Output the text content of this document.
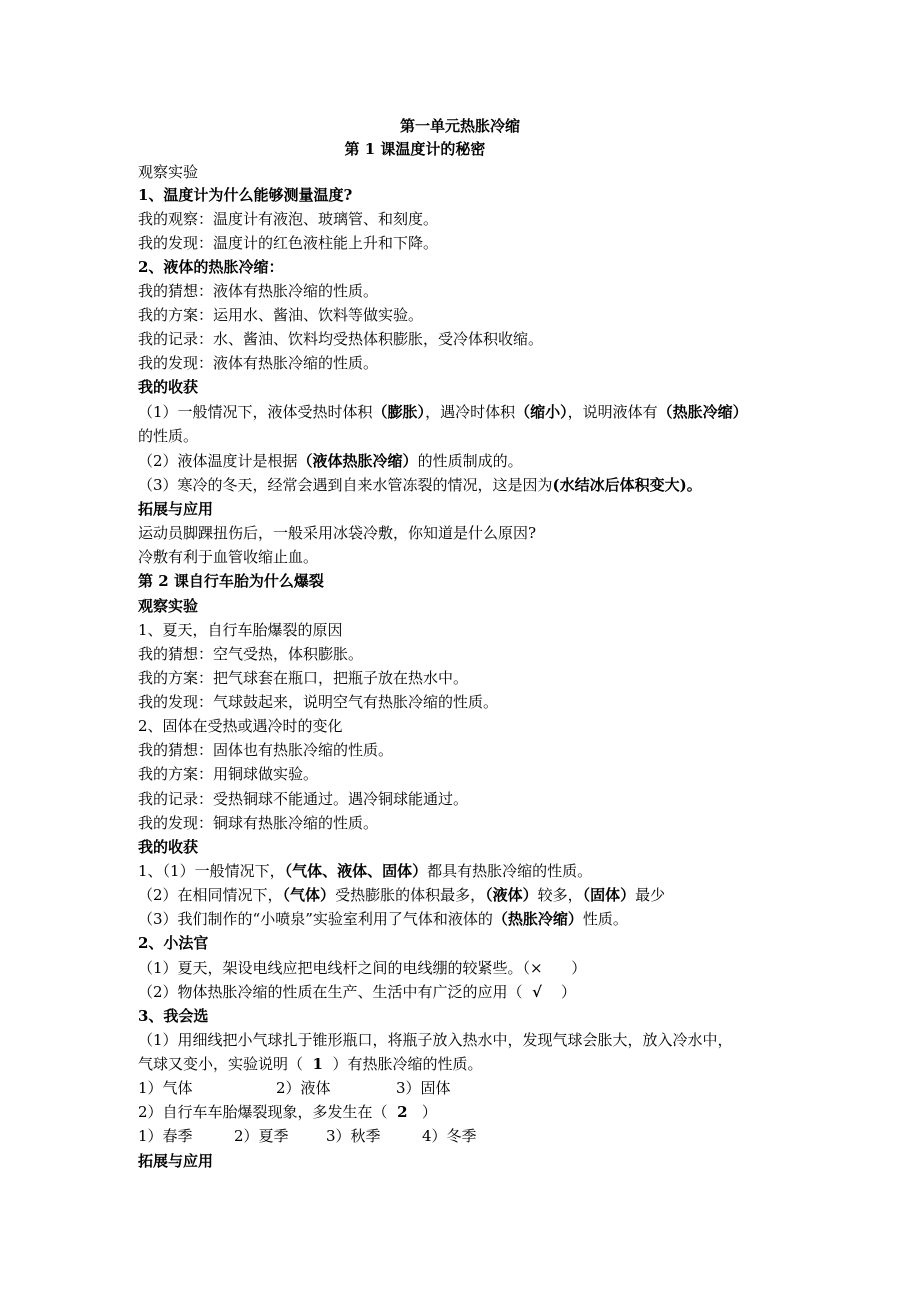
第一单元热胀冷缩
第 1 课温度计的秘密
观察实验
1、温度计为什么能够测量温度?
我的观察：温度计有液泡、玻璃管、和刻度。
我的发现：温度计的红色液柱能上升和下降。
2、液体的热胀冷缩：
我的猜想：液体有热胀冷缩的性质。
我的方案：运用水、酱油、饮料等做实验。
我的记录：水、酱油、饮料均受热体积膨胀，受冷体积收缩。
我的发现：液体有热胀冷缩的性质。
我的收获
（1）一般情况下，液体受热时体积（膨胀），遇冷时体积（缩小），说明液体有（热胀冷缩）
的性质。
（2）液体温度计是根据（液体热胀冷缩）的性质制成的。
（3）寒冷的冬天，经常会遇到自来水管冻裂的情况，这是因为(水结冰后体积变大)。
拓展与应用
运动员脚踝扭伤后，一般采用冰袋冷敷，你知道是什么原因?
冷敷有利于血管收缩止血。
第 2 课自行车胎为什么爆裂
观察实验
1、夏天，自行车胎爆裂的原因
我的猜想：空气受热，体积膨胀。
我的方案：把气球套在瓶口，把瓶子放在热水中。
我的发现：气球鼓起来，说明空气有热胀冷缩的性质。
2、固体在受热或遇冷时的变化
我的猜想：固体也有热胀冷缩的性质。
我的方案：用铜球做实验。
我的记录：受热铜球不能通过。遇冷铜球能通过。
我的发现：铜球有热胀冷缩的性质。
我的收获
1、（1）一般情况下，（气体、液体、固体）都具有热胀冷缩的性质。
（2）在相同情况下，（气体）受热膨胀的体积最多，（液体）较多，（固体）最少
（3）我们制作的“小喷泉”实验室利用了气体和液体的（热胀冷缩）性质。
2、小法官
（1）夏天，架设电线应把电线杆之间的电线绷的较紧些。（×      ）
（2）物体热胀冷缩的性质在生产、生活中有广泛的应用（  √    ）
3、我会选
（1）用细线把小气球扎于锥形瓶口，将瓶子放入热水中，发现气球会胀大，放入冷水中，
气球又变小，实验说明（  1  ）有热胀冷缩的性质。
1）气体	2）液体	3）固体
2）自行车车胎爆裂现象，多发生在（  2   ）
1）春季	2）夏季 3）秋季	4）冬季
拓展与应用
